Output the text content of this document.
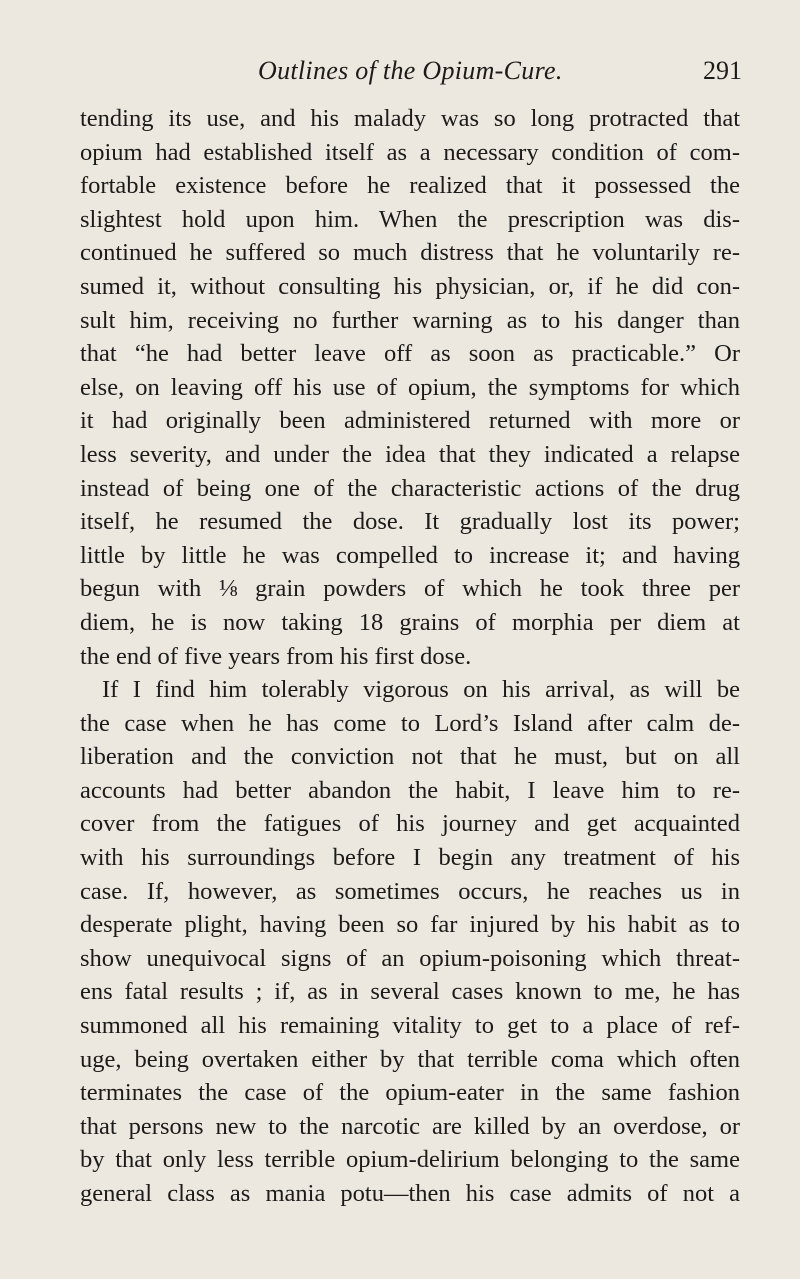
Outlines of the Opium-Cure.	291
tending its use, and his malady was so long protracted that
opium had established itself as a necessary condition of com-
fortable existence before he realized that it possessed the
slightest hold upon him. When the prescription was dis-
continued he suffered so much distress that he voluntarily re-
sumed it, without consulting his physician, or, if he did con-
sult him, receiving no further warning as to his danger than
that “he had better leave off as soon as practicable.” Or
else, on leaving off his use of opium, the symptoms for which
it had originally been administered returned with more or
less severity, and under the idea that they indicated a relapse
instead of being one of the characteristic actions of the drug
itself, he resumed the dose. It gradually lost its power;
little by little he was compelled to increase it; and having
begun with ⅛ grain powders of which he took three per
diem, he is now taking 18 grains of morphia per diem at
the end of five years from his first dose.
If I find him tolerably vigorous on his arrival, as will be
the case when he has come to Lord’s Island after calm de-
liberation and the conviction not that he must, but on all
accounts had better abandon the habit, I leave him to re-
cover from the fatigues of his journey and get acquainted
with his surroundings before I begin any treatment of his
case. If, however, as sometimes occurs, he reaches us in
desperate plight, having been so far injured by his habit as to
show unequivocal signs of an opium-poisoning which threat-
ens fatal results ; if, as in several cases known to me, he has
summoned all his remaining vitality to get to a place of ref-
uge, being overtaken either by that terrible coma which often
terminates the case of the opium-eater in the same fashion
that persons new to the narcotic are killed by an overdose, or
by that only less terrible opium-delirium belonging to the same
general class as mania potu—then his case admits of not a
